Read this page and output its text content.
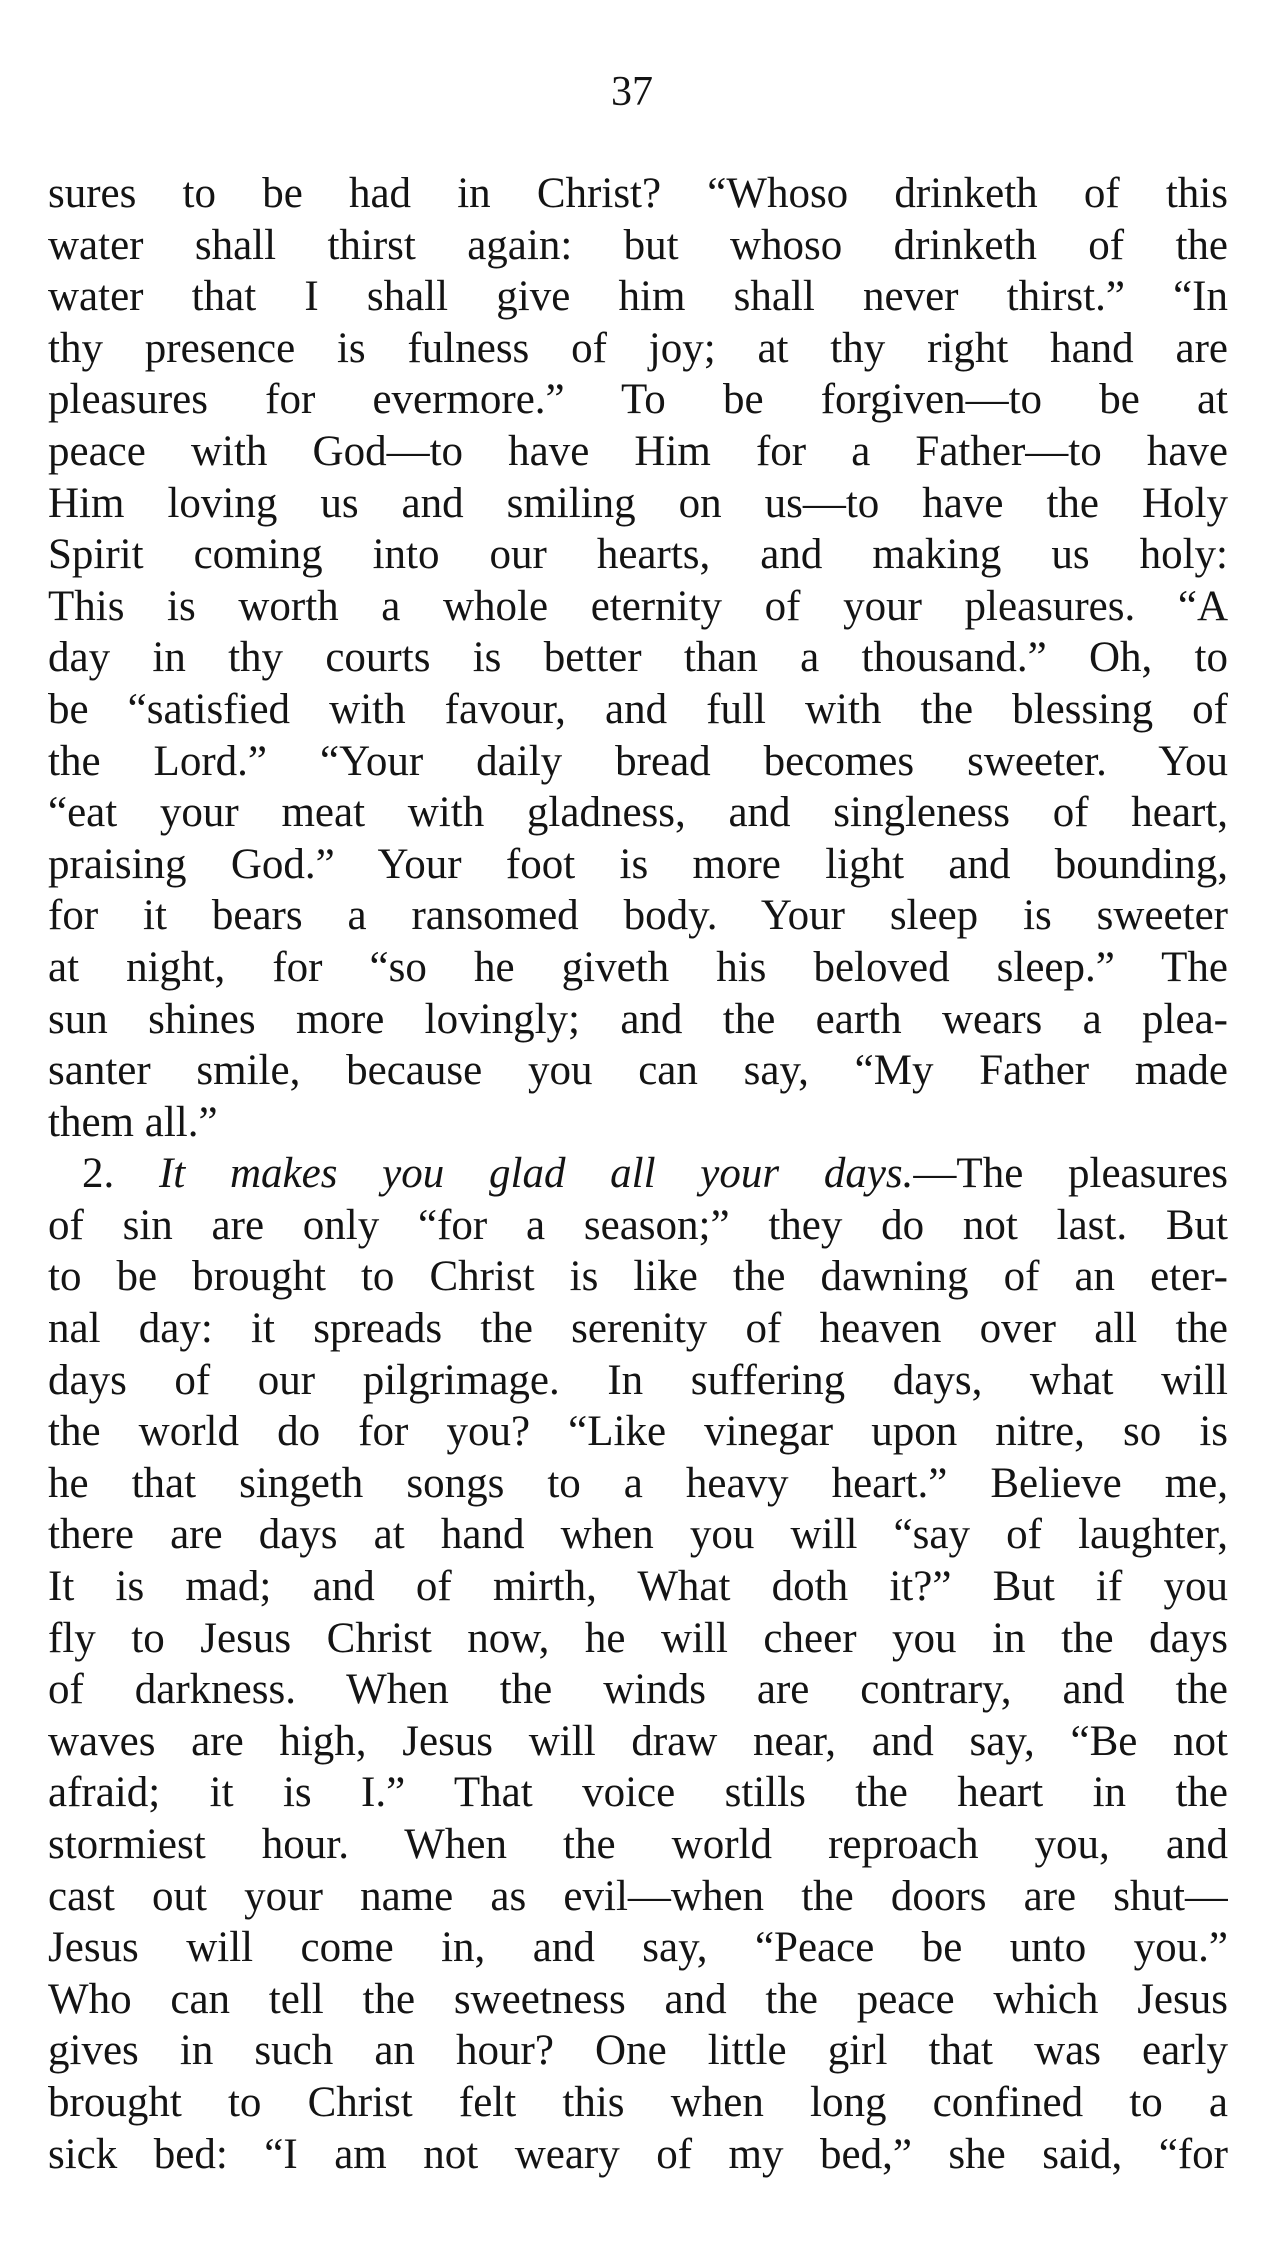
37
sures to be had in Christ? “Whoso drinketh of this
water shall thirst again: but whoso drinketh of the
water that I shall give him shall never thirst.” “In
thy presence is fulness of joy; at thy right hand are
pleasures for evermore.” To be forgiven—to be at
peace with God—to have Him for a Father—to have
Him loving us and smiling on us—to have the Holy
Spirit coming into our hearts, and making us holy:
This is worth a whole eternity of your pleasures. “A
day in thy courts is better than a thousand.” Oh, to
be “satisfied with favour, and full with the blessing of
the Lord.” “Your daily bread becomes sweeter. You
“eat your meat with gladness, and singleness of heart,
praising God.” Your foot is more light and bounding,
for it bears a ransomed body. Your sleep is sweeter
at night, for “so he giveth his beloved sleep.” The
sun shines more lovingly; and the earth wears a plea-
santer smile, because you can say, “My Father made
them all.”
2. It makes you glad all your days.—The pleasures
of sin are only “for a season;” they do not last. But
to be brought to Christ is like the dawning of an eter-
nal day: it spreads the serenity of heaven over all the
days of our pilgrimage. In suffering days, what will
the world do for you? “Like vinegar upon nitre, so is
he that singeth songs to a heavy heart.” Believe me,
there are days at hand when you will “say of laughter,
It is mad; and of mirth, What doth it?” But if you
fly to Jesus Christ now, he will cheer you in the days
of darkness. When the winds are contrary, and the
waves are high, Jesus will draw near, and say, “Be not
afraid; it is I.” That voice stills the heart in the
stormiest hour. When the world reproach you, and
cast out your name as evil—when the doors are shut—
Jesus will come in, and say, “Peace be unto you.”
Who can tell the sweetness and the peace which Jesus
gives in such an hour? One little girl that was early
brought to Christ felt this when long confined to a
sick bed: “I am not weary of my bed,” she said, “for
